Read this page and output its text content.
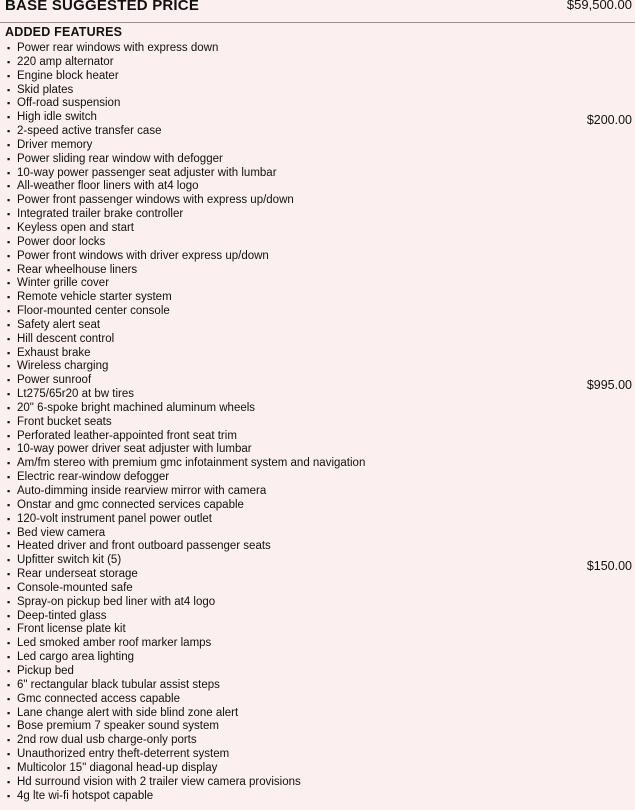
BASE SUGGESTED PRICE	$59,500.00
ADDED FEATURES
▪ Power rear windows with express down
▪ 220 amp alternator
▪ Engine block heater
▪ Skid plates
▪ Off-road suspension
▪ High idle switch
▪ 2-speed active transfer case
▪ Driver memory
▪ Power sliding rear window with defogger
▪ 10-way power passenger seat adjuster with lumbar
▪ All-weather floor liners with at4 logo
▪ Power front passenger windows with express up/down
▪ Integrated trailer brake controller
▪ Keyless open and start
▪ Power door locks
▪ Power front windows with driver express up/down
▪ Rear wheelhouse liners
▪ Winter grille cover
▪ Remote vehicle starter system
▪ Floor-mounted center console
▪ Safety alert seat
▪ Hill descent control
▪ Exhaust brake
▪ Wireless charging
▪ Power sunroof
▪ Lt275/65r20 at bw tires
▪ 20" 6-spoke bright machined aluminum wheels
▪ Front bucket seats
▪ Perforated leather-appointed front seat trim
▪ 10-way power driver seat adjuster with lumbar
▪ Am/fm stereo with premium gmc infotainment system and navigation
▪ Electric rear-window defogger
▪ Auto-dimming inside rearview mirror with camera
▪ Onstar and gmc connected services capable
▪ 120-volt instrument panel power outlet
▪ Bed view camera
▪ Heated driver and front outboard passenger seats
▪ Upfitter switch kit (5)
▪ Rear underseat storage
▪ Console-mounted safe
▪ Spray-on pickup bed liner with at4 logo
▪ Deep-tinted glass
▪ Front license plate kit
▪ Led smoked amber roof marker lamps
▪ Led cargo area lighting
▪ Pickup bed
▪ 6" rectangular black tubular assist steps
▪ Gmc connected access capable
▪ Lane change alert with side blind zone alert
▪ Bose premium 7 speaker sound system
▪ 2nd row dual usb charge-only ports
▪ Unauthorized entry theft-deterrent system
▪ Multicolor 15" diagonal head-up display
▪ Hd surround vision with 2 trailer view camera provisions
▪ 4g lte wi-fi hotspot capable
$200.00
$995.00
$150.00
